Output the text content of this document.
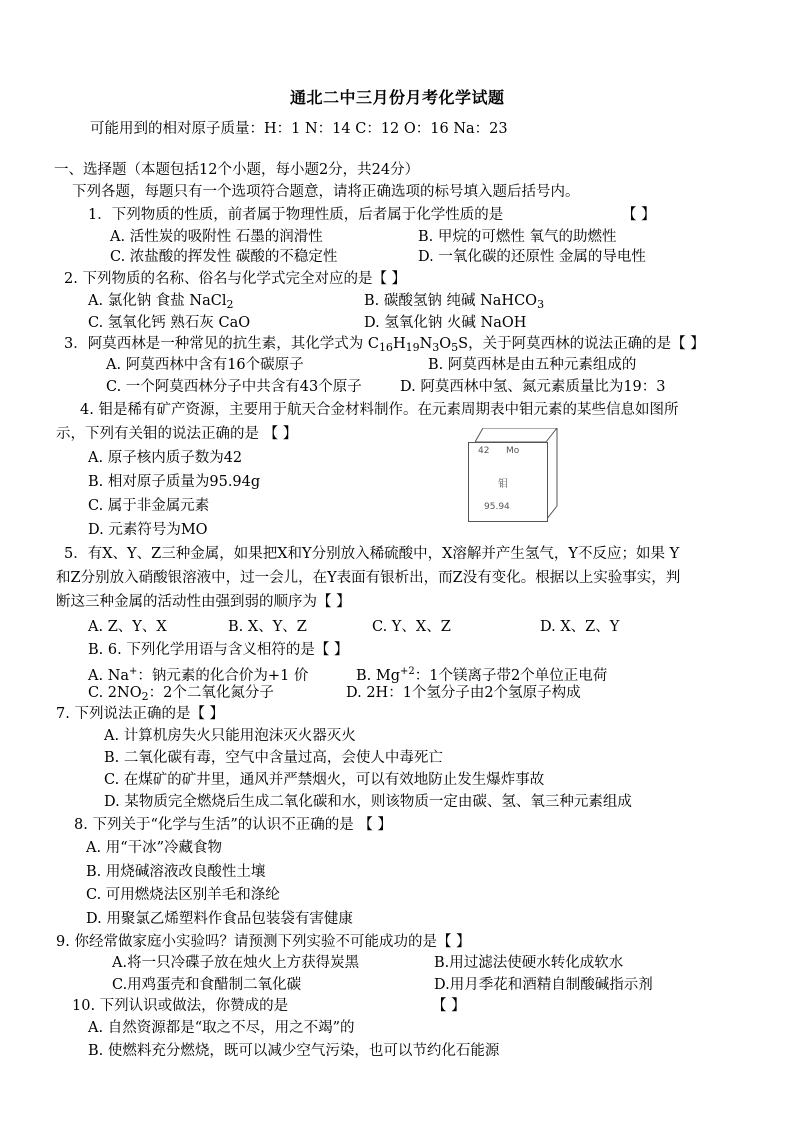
通北二中三月份月考化学试题
可能用到的相对原子质量：H：1 N：14 C：12 O：16 Na：23
一、选择题（本题包括12个小题，每小题2分，共24分）
下列各题，每题只有一个选项符合题意，请将正确选项的标号填入题后括号内。
1．下列物质的性质，前者属于物理性质，后者属于化学性质的是	【 】
A. 活性炭的吸附性 石墨的润滑性	B. 甲烷的可燃性 氧气的助燃性
C. 浓盐酸的挥发性 碳酸的不稳定性	D. 一氧化碳的还原性 金属的导电性
2. 下列物质的名称、俗名与化学式完全对应的是【 】
A. 氯化钠 食盐 NaCl$_2$	B. 碳酸氢钠 纯碱 NaHCO$_3$
C. 氢氧化钙 熟石灰 CaO	D. 氢氧化钠 火碱 NaOH
3．阿莫西林是一种常见的抗生素，其化学式为 $C_{16}H_{19}N_3O_5S$，关于阿莫西林的说法正确的是【 】
A. 阿莫西林中含有16个碳原子	B. 阿莫西林是由五种元素组成的
C. 一个阿莫西林分子中共含有43个原子	D. 阿莫西林中氢、氮元素质量比为19：3
4. 钼是稀有矿产资源，主要用于航天合金材料制作。在元素周期表中钼元素的某些信息如图所
示，下列有关钼的说法正确的是 【 】
A. 原子核内质子数为42
B. 相对原子质量为95.94g
C. 属于非金属元素
D. 元素符号为MO
42 Mo
钼
95.94
5．有X、Y、Z三种金属，如果把X和Y分别放入稀硫酸中，X溶解并产生氢气，Y不反应；如果 Y
和Z分别放入硝酸银溶液中，过一会儿，在Y表面有银析出，而Z没有变化。根据以上实验事实，判
断这三种金属的活动性由强到弱的顺序为【 】
A. Z、Y、X	B. X、Y、Z	C. Y、X、Z	D. X、Z、Y
B. 6. 下列化学用语与含义相符的是【 】
A. Na+：钠元素的化合价为+1 价	B. $Mg^{+2}$：1个镁离子带2个单位正电荷
C. $2NO_2$：2个二氧化氮分子	D. 2H：1个氢分子由2个氢原子构成
7. 下列说法正确的是【 】
A. 计算机房失火只能用泡沫灭火器灭火
B. 二氧化碳有毒，空气中含量过高，会使人中毒死亡
C. 在煤矿的矿井里，通风并严禁烟火，可以有效地防止发生爆炸事故
D. 某物质完全燃烧后生成二氧化碳和水，则该物质一定由碳、氢、氧三种元素组成
8. 下列关于“化学与生活”的认识不正确的是 【 】
A. 用“干冰”冷藏食物
B. 用烧碱溶液改良酸性土壤
C. 可用燃烧法区别羊毛和涤纶
D. 用聚氯乙烯塑料作食品包装袋有害健康
9. 你经常做家庭小实验吗？请预测下列实验不可能成功的是【 】
A.将一只冷碟子放在烛火上方获得炭黑	B.用过滤法使硬水转化成软水
C.用鸡蛋壳和食醋制二氧化碳	D.用月季花和酒精自制酸碱指示剂
10. 下列认识或做法，你赞成的是	【 】
A. 自然资源都是“取之不尽，用之不竭”的
B. 使燃料充分燃烧，既可以减少空气污染，也可以节约化石能源
